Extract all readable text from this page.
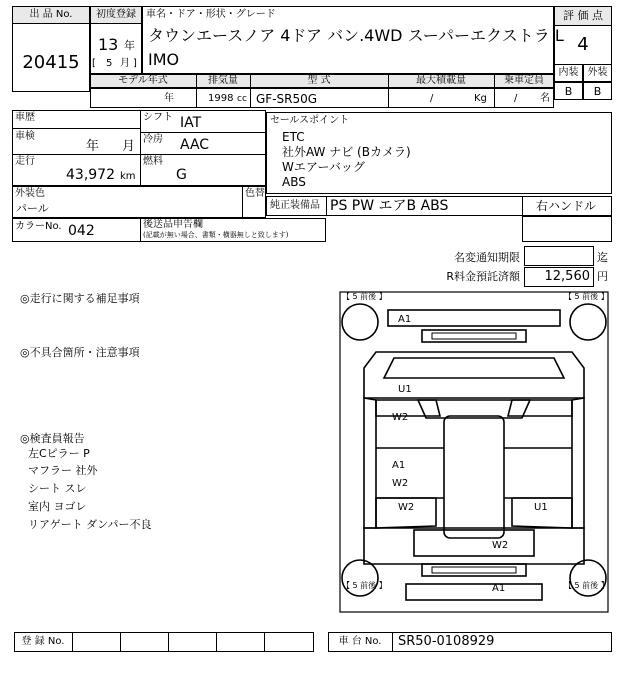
出 品 No.
20415
初度登録
13 年
[ 5 月 ]
車名・ドア・形状・グレード
タウンエースノア 4ドア バン.4WD スーパーエクストラ L
IMO
評 価 点
4
内装 外装
B	B
モデル年式	排気量	型 式	最大積載量	乗車定員
年	1998 cc GF-SR50G	/	Kg	/ 名
車歴
車検
年 月
走行
43,972 km
シフト IAT
冷房 AAC
燃料
G
外装色
パール
色替
カラーNo. 042	後送品申告欄
(記載が無い場合、書類・横器無しと致します)
セールスポイント
ETC
社外AW ナビ (Bカメラ)
Wエアーバッグ
ABS
純正装備品 PS PW エアB ABS	右ハンドル
名変通知期限	迄
R料金預託済額	12,560 円
◎走行に関する補足事項
◎不具合箇所・注意事項
◎検査員報告
左Cピラー P
マフラー 社外
シート スレ
室内 ヨゴレ
リアゲート ダンパー不良
【 5 前後 】	【 5 前後 】
【 5 前後 】	【 5 前後 】
A1
U1
W2
A1
W2
W2	U1
W2
A1
登 録 No.	車 台 No.	SR50-0108929
